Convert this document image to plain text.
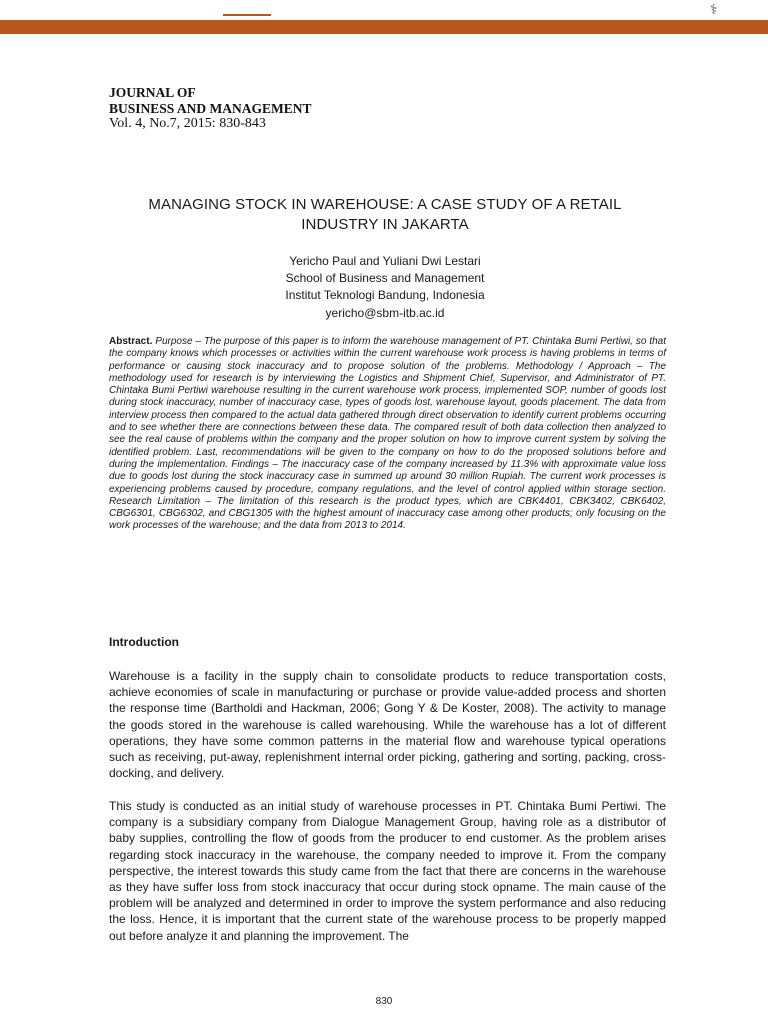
⚕
JOURNAL OF
BUSINESS AND MANAGEMENT
Vol. 4, No.7, 2015: 830-843
MANAGING STOCK IN WAREHOUSE: A CASE STUDY OF A RETAIL
INDUSTRY IN JAKARTA
Yericho Paul and Yuliani Dwi Lestari
School of Business and Management
Institut Teknologi Bandung, Indonesia
yericho@sbm-itb.ac.id
Abstract. Purpose – The purpose of this paper is to inform the warehouse management of PT. Chintaka Bumi Pertiwi, so that the company knows which processes or activities within the current warehouse work process is having problems in terms of performance or causing stock inaccuracy and to propose solution of the problems. Methodology / Approach – The methodology used for research is by interviewing the Logistics and Shipment Chief, Supervisor, and Administrator of PT. Chintaka Bumi Pertiwi warehouse resulting in the current warehouse work process, implemented SOP, number of goods lost during stock inaccuracy, number of inaccuracy case, types of goods lost, warehouse layout, goods placement. The data from interview process then compared to the actual data gathered through direct observation to identify current problems occurring and to see whether there are connections between these data. The compared result of both data collection then analyzed to see the real cause of problems within the company and the proper solution on how to improve current system by solving the identified problem. Last, recommendations will be given to the company on how to do the proposed solutions before and during the implementation. Findings – The inaccuracy case of the company increased by 11.3% with approximate value loss due to goods lost during the stock inaccuracy case in summed up around 30 million Rupiah. The current work processes is experiencing problems caused by procedure, company regulations, and the level of control applied within storage section. Research Limitation – The limitation of this research is the product types, which are CBK4401, CBK3402, CBK6402, CBG6301, CBG6302, and CBG1305 with the highest amount of inaccuracy case among other products; only focusing on the work processes of the warehouse; and the data from 2013 to 2014.
Introduction
Warehouse is a facility in the supply chain to consolidate products to reduce transportation costs, achieve economies of scale in manufacturing or purchase or provide value-added process and shorten the response time (Bartholdi and Hackman, 2006; Gong Y & De Koster, 2008). The activity to manage the goods stored in the warehouse is called warehousing. While the warehouse has a lot of different operations, they have some common patterns in the material flow and warehouse typical operations such as receiving, put-away, replenishment internal order picking, gathering and sorting, packing, cross-docking, and delivery.
This study is conducted as an initial study of warehouse processes in PT. Chintaka Bumi Pertiwi. The company is a subsidiary company from Dialogue Management Group, having role as a distributor of baby supplies, controlling the flow of goods from the producer to end customer. As the problem arises regarding stock inaccuracy in the warehouse, the company needed to improve it. From the company perspective, the interest towards this study came from the fact that there are concerns in the warehouse as they have suffer loss from stock inaccuracy that occur during stock opname. The main cause of the problem will be analyzed and determined in order to improve the system performance and also reducing the loss. Hence, it is important that the current state of the warehouse process to be properly mapped out before analyze it and planning the improvement. The
830
